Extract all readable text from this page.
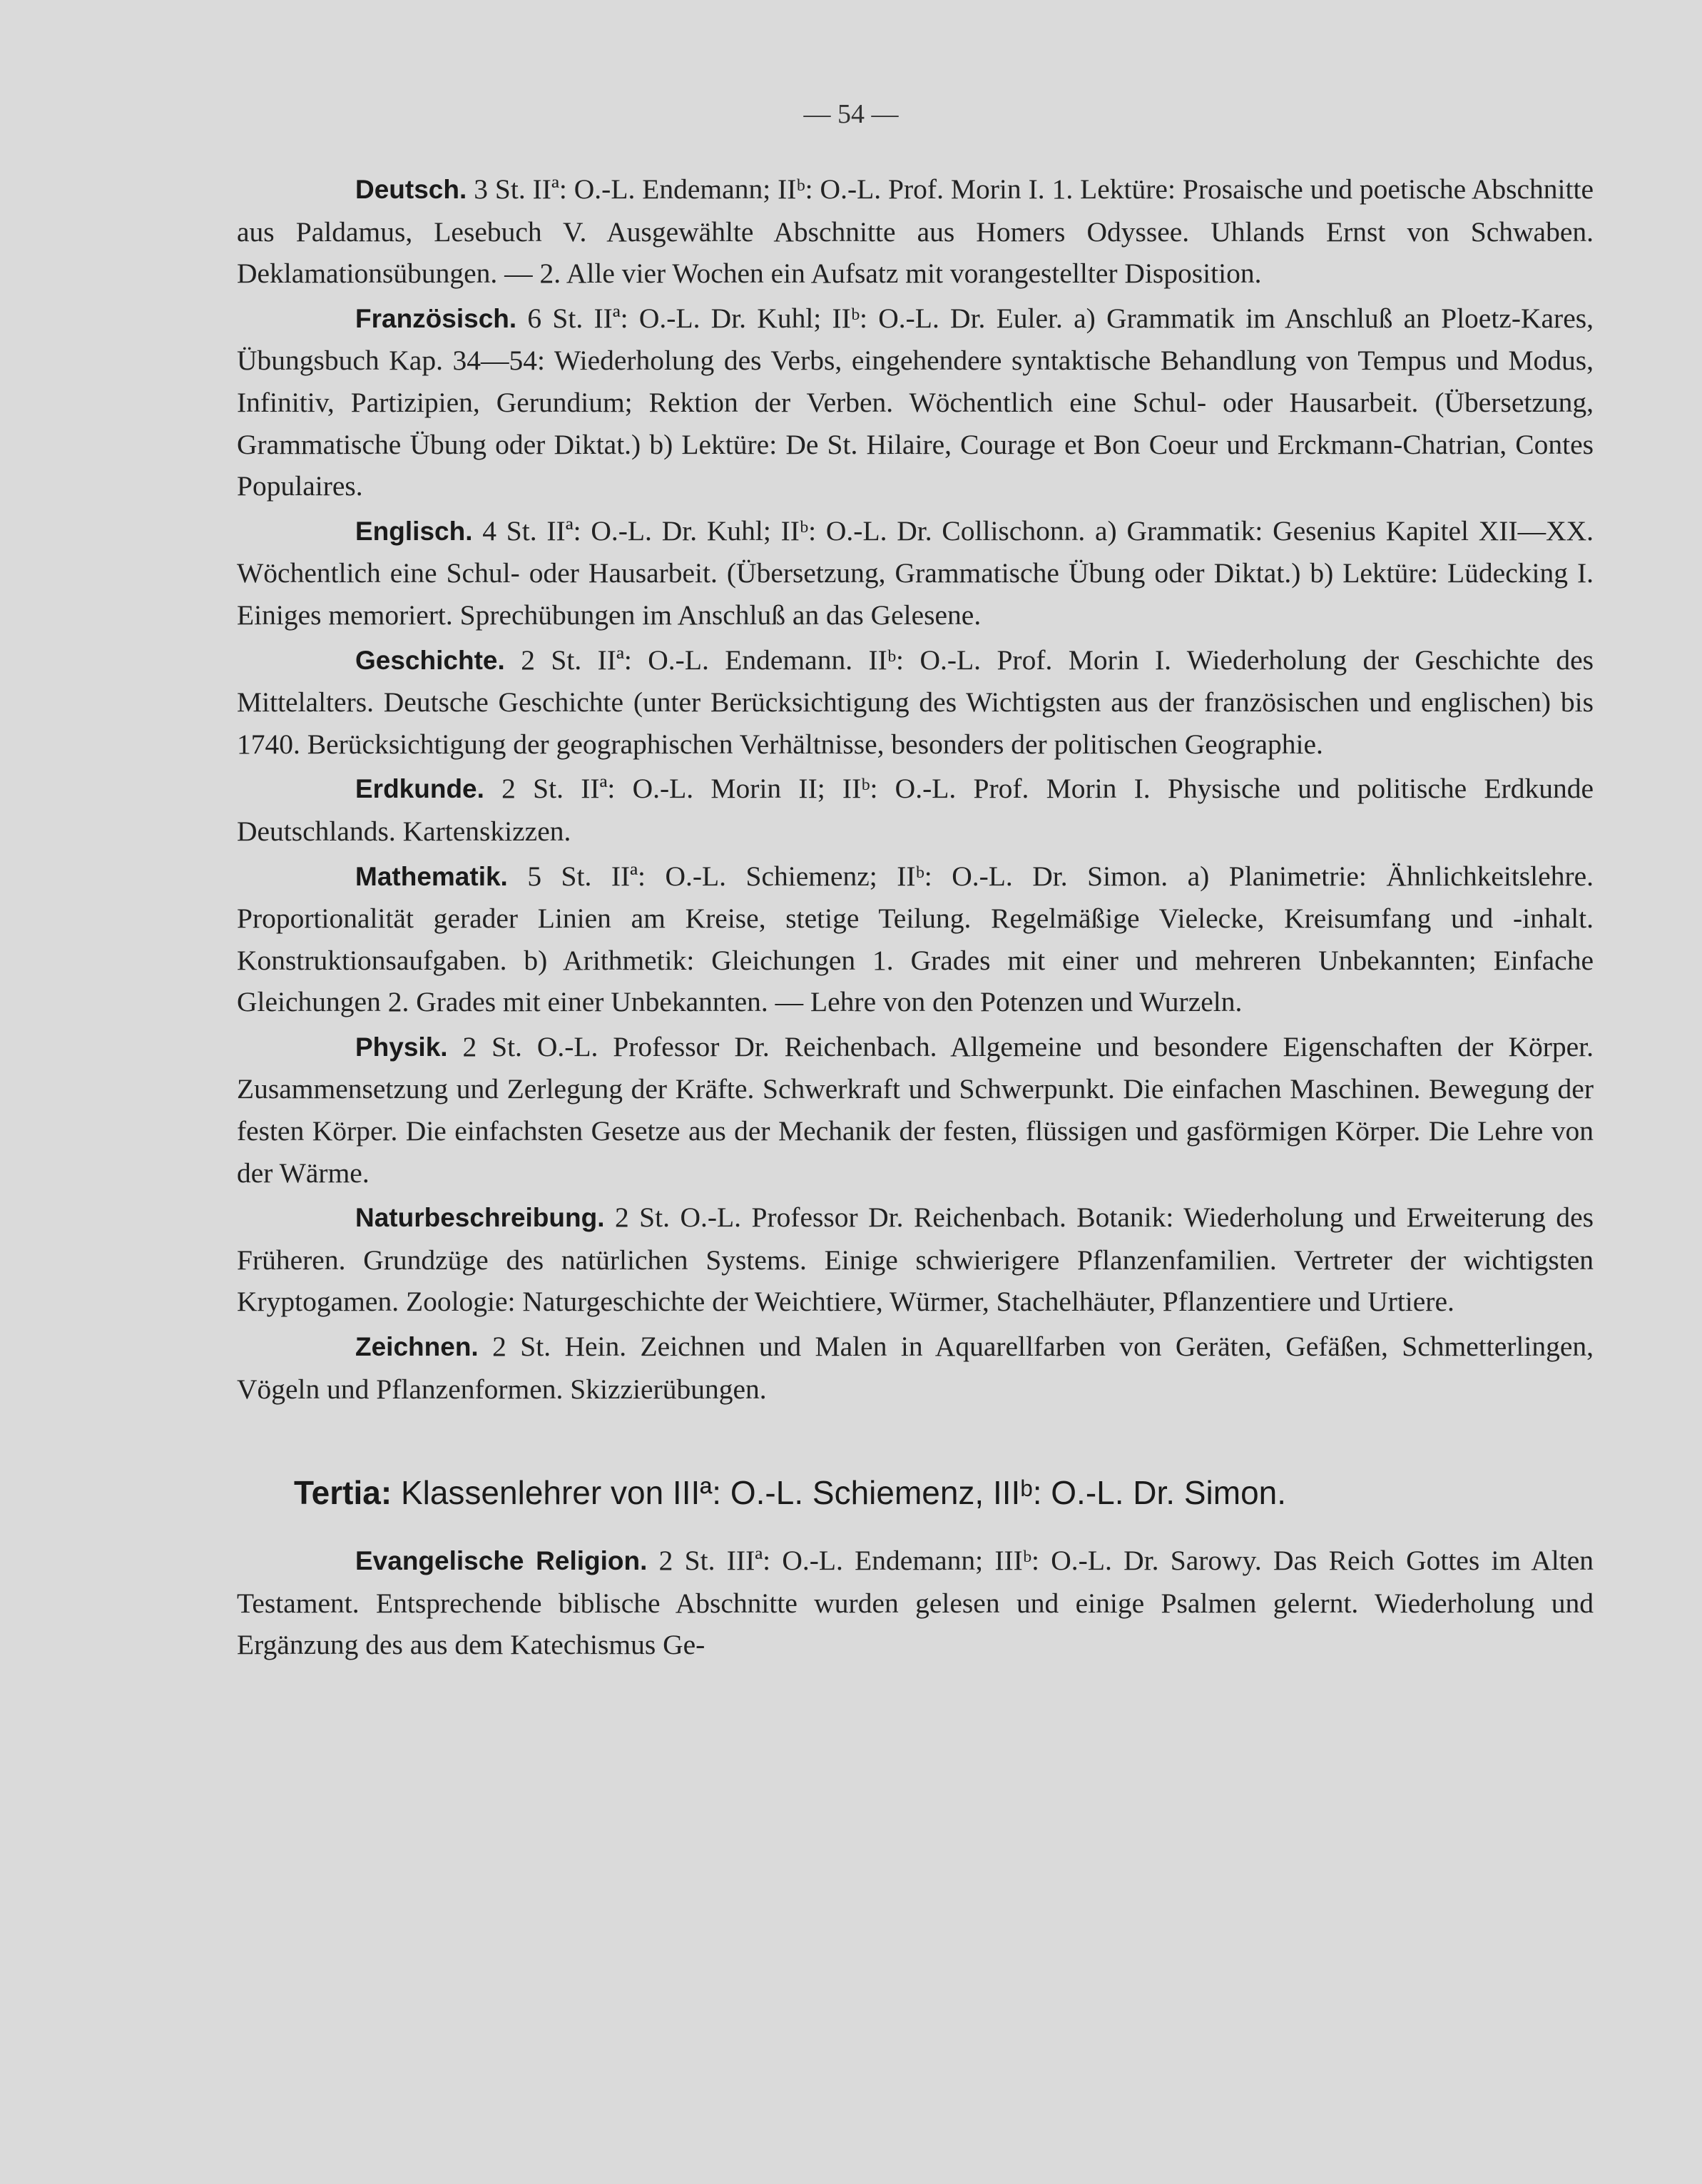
— 54 —

Deutsch. 3 St. IIª: O.-L. Endemann; IIᵇ: O.-L. Prof. Morin I. 1. Lektüre: Prosaische und poetische Abschnitte aus Paldamus, Lesebuch V. Ausgewählte Abschnitte aus Homers Odyssee. Uhlands Ernst von Schwaben. Deklamationsübungen. — 2. Alle vier Wochen ein Aufsatz mit vorangestellter Disposition.

Französisch. 6 St. IIª: O.-L. Dr. Kuhl; IIᵇ: O.-L. Dr. Euler. a) Grammatik im Anschluß an Ploetz-Kares, Übungsbuch Kap. 34—54: Wiederholung des Verbs, eingehendere syntaktische Behandlung von Tempus und Modus, Infinitiv, Partizipien, Gerundium; Rektion der Verben. Wöchentlich eine Schul- oder Hausarbeit. (Übersetzung, Grammatische Übung oder Diktat.) b) Lektüre: De St. Hilaire, Courage et Bon Coeur und Erckmann-Chatrian, Contes Populaires.

Englisch. 4 St. IIª: O.-L. Dr. Kuhl; IIᵇ: O.-L. Dr. Collischonn. a) Grammatik: Gesenius Kapitel XII—XX. Wöchentlich eine Schul- oder Hausarbeit. (Übersetzung, Grammatische Übung oder Diktat.) b) Lektüre: Lüdecking I. Einiges memoriert. Sprechübungen im Anschluß an das Gelesene.

Geschichte. 2 St. IIª: O.-L. Endemann. IIᵇ: O.-L. Prof. Morin I. Wiederholung der Geschichte des Mittelalters. Deutsche Geschichte (unter Berücksichtigung des Wichtigsten aus der französischen und englischen) bis 1740. Berücksichtigung der geographischen Verhältnisse, besonders der politischen Geographie.

Erdkunde. 2 St. IIª: O.-L. Morin II; IIᵇ: O.-L. Prof. Morin I. Physische und politische Erdkunde Deutschlands. Kartenskizzen.

Mathematik. 5 St. IIª: O.-L. Schiemenz; IIᵇ: O.-L. Dr. Simon. a) Planimetrie: Ähnlichkeitslehre. Proportionalität gerader Linien am Kreise, stetige Teilung. Regelmäßige Vielecke, Kreisumfang und -inhalt. Konstruktionsaufgaben. b) Arithmetik: Gleichungen 1. Grades mit einer und mehreren Unbekannten; Einfache Gleichungen 2. Grades mit einer Unbekannten. — Lehre von den Potenzen und Wurzeln.

Physik. 2 St. O.-L. Professor Dr. Reichenbach. Allgemeine und besondere Eigenschaften der Körper. Zusammensetzung und Zerlegung der Kräfte. Schwerkraft und Schwerpunkt. Die einfachen Maschinen. Bewegung der festen Körper. Die einfachsten Gesetze aus der Mechanik der festen, flüssigen und gasförmigen Körper. Die Lehre von der Wärme.

Naturbeschreibung. 2 St. O.-L. Professor Dr. Reichenbach. Botanik: Wiederholung und Erweiterung des Früheren. Grundzüge des natürlichen Systems. Einige schwierigere Pflanzenfamilien. Vertreter der wichtigsten Kryptogamen. Zoologie: Naturgeschichte der Weichtiere, Würmer, Stachelhäuter, Pflanzentiere und Urtiere.

Zeichnen. 2 St. Hein. Zeichnen und Malen in Aquarellfarben von Geräten, Gefäßen, Schmetterlingen, Vögeln und Pflanzenformen. Skizzierübungen.

Tertia: Klassenlehrer von IIIª: O.-L. Schiemenz, IIIᵇ: O.-L. Dr. Simon.

Evangelische Religion. 2 St. IIIª: O.-L. Endemann; IIIᵇ: O.-L. Dr. Sarowy. Das Reich Gottes im Alten Testament. Entsprechende biblische Abschnitte wurden gelesen und einige Psalmen gelernt. Wiederholung und Ergänzung des aus dem Katechismus Ge-
